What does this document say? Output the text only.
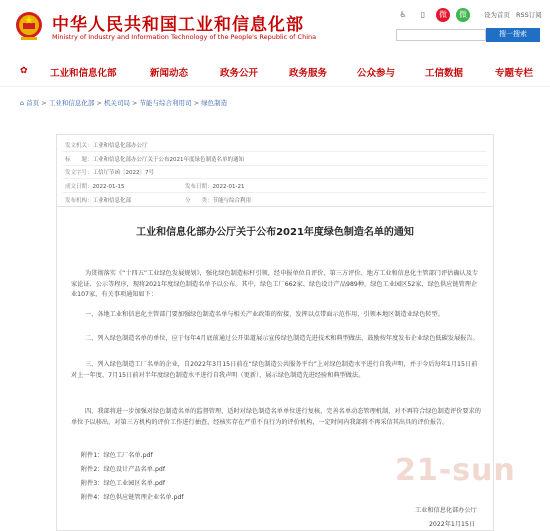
中华人民共和国工业和信息化部
Ministry of Industry and Information Technology of the People's Republic of China
♿	▯	微	微	设为首页 RSS订阅
搜一搜索
✿ 工业和信息化部	新闻动态	政务公开	政务服务	公众参与	工信数据	专题专栏
⌂ 首页 > 工业和信息化部 > 机关司局 > 节能与综合利用司 > 绿色制造
发文机关：工业和信息化部办公厅
标　　题：工业和信息化部办公厅关于公布2021年度绿色制造名单的通知
发文字号：工信厅节函〔2022〕7号
成文日期：2022-01-15	发布日期：2022-01-21
发布机构：工业和信息化部	分　　类：节能与综合利用
工业和信息化部办公厅关于公布2021年度绿色制造名单的通知
为贯彻落实《“十四五”工业绿色发展规划》，强化绿色制造标杆引领，经申报单位自评价、第三方评价、地方工业和信息化主管部门评估确认及专家论证、公示等程序，现将2021年度绿色制造名单予以公布。其中，绿色工厂662家、绿色设计产品989种、绿色工业园区52家、绿色供应链管理企业107家，有关事项通知如下：
一、各地工业和信息化主管部门要加强绿色制造名单与相关产业政策的衔接，发挥以点带面示范作用，引领本地区制造业绿色转型。
二、列入绿色制造名单的单位，应于每年4月底前通过公开渠道展示宣传绿色制造先进技术和典型做法，鼓励按年度发布企业绿色低碳发展报告。
三、列入绿色制造工厂名单的企业，自2022年3月15日前在“绿色制造公共服务平台”上对绿色制造水平进行自我声明，并于今后每年1月15日前对上一年度、7月15日前对半年度绿色制造水平进行自我声明（更新），展示绿色制造先进经验和典型做法。
四、我部将进一步加强对绿色制造名单的监督管理，适时对绿色制造名单单位进行复核，完善名单动态管理机制，对不再符合绿色制造评价要求的单位予以移出，对第三方机构的评价工作进行抽查，经核实存在严重不良行为的评价机构，一定时间内我部将不再采信其出具的评价报告。
附件1：绿色工厂名单.pdf
附件2：绿色设计产品名单.pdf
附件3：绿色工业园区名单.pdf
附件4：绿色供应链管理企业名单.pdf
工业和信息化部办公厅
2022年1月15日
21-sun
